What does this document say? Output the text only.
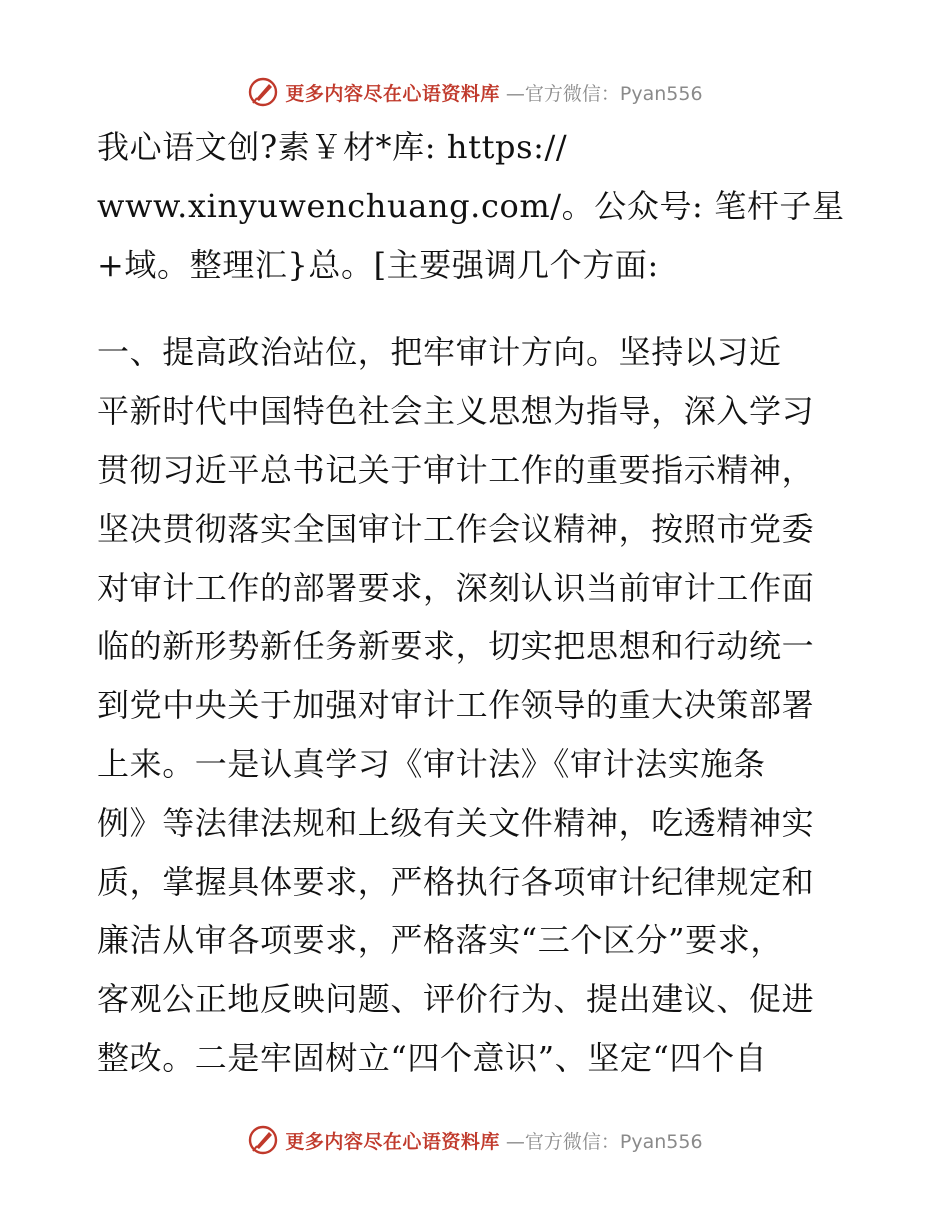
更多内容尽在心语资料库 —官方微信：Pyan556
我心语文创?素￥材*库: https://
www.xinyuwenchuang.com/。公众号: 笔杆子星
+域。整理汇}总。[主要强调几个方面:
一、提高政治站位，把牢审计方向。坚持以习近
平新时代中国特色社会主义思想为指导，深入学习
贯彻习近平总书记关于审计工作的重要指示精神，
坚决贯彻落实全国审计工作会议精神，按照市党委
对审计工作的部署要求，深刻认识当前审计工作面
临的新形势新任务新要求，切实把思想和行动统一
到党中央关于加强对审计工作领导的重大决策部署
上来。一是认真学习《审计法》《审计法实施条
例》等法律法规和上级有关文件精神，吃透精神实
质，掌握具体要求，严格执行各项审计纪律规定和
廉洁从审各项要求，严格落实“三个区分”要求，
客观公正地反映问题、评价行为、提出建议、促进
整改。二是牢固树立“四个意识”、坚定“四个自
更多内容尽在心语资料库 —官方微信：Pyan556
